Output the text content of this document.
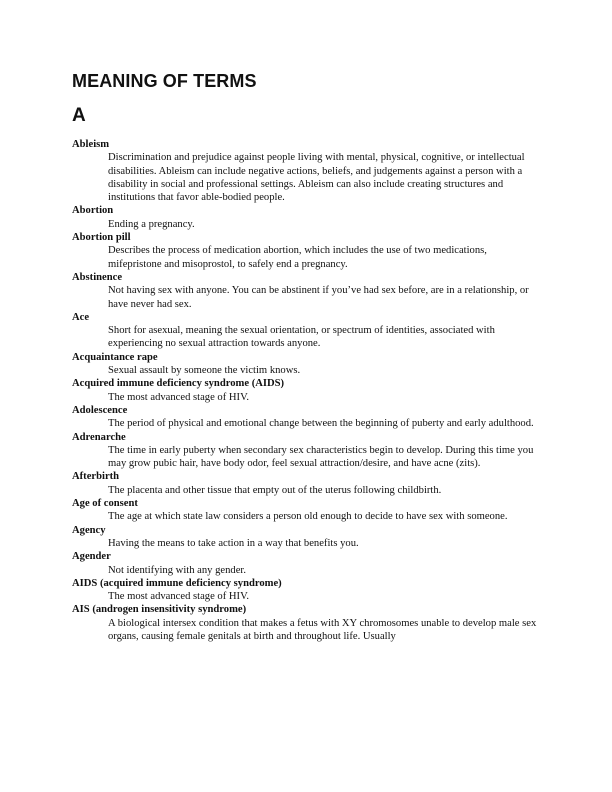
MEANING OF TERMS
A

Ableism

Discrimination and prejudice against people living with mental, physical, cognitive, or intellectual disabilities. Ableism can include negative actions, beliefs, and judgements against a person with a disability in social and professional settings. Ableism can also include creating structures and institutions that favor able-bodied people.

Abortion

Ending a pregnancy.

Abortion pill

Describes the process of medication abortion, which includes the use of two medications, mifepristone and misoprostol, to safely end a pregnancy.

Abstinence

Not having sex with anyone. You can be abstinent if you’ve had sex before, are in a relationship, or have never had sex.

Ace

Short for asexual, meaning the sexual orientation, or spectrum of identities, associated with experiencing no sexual attraction towards anyone.

Acquaintance rape

Sexual assault by someone the victim knows.

Acquired immune deficiency syndrome (AIDS)

The most advanced stage of HIV.

Adolescence

The period of physical and emotional change between the beginning of puberty and early adulthood.

Adrenarche

The time in early puberty when secondary sex characteristics begin to develop. During this time you may grow pubic hair, have body odor, feel sexual attraction/desire, and have acne (zits).

Afterbirth

The placenta and other tissue that empty out of the uterus following childbirth.

Age of consent

The age at which state law considers a person old enough to decide to have sex with someone.

Agency

Having the means to take action in a way that benefits you.

Agender

Not identifying with any gender.

AIDS (acquired immune deficiency syndrome)

The most advanced stage of HIV.

AIS (androgen insensitivity syndrome)

A biological intersex condition that makes a fetus with XY chromosomes unable to develop male sex organs, causing female genitals at birth and throughout life. Usually
